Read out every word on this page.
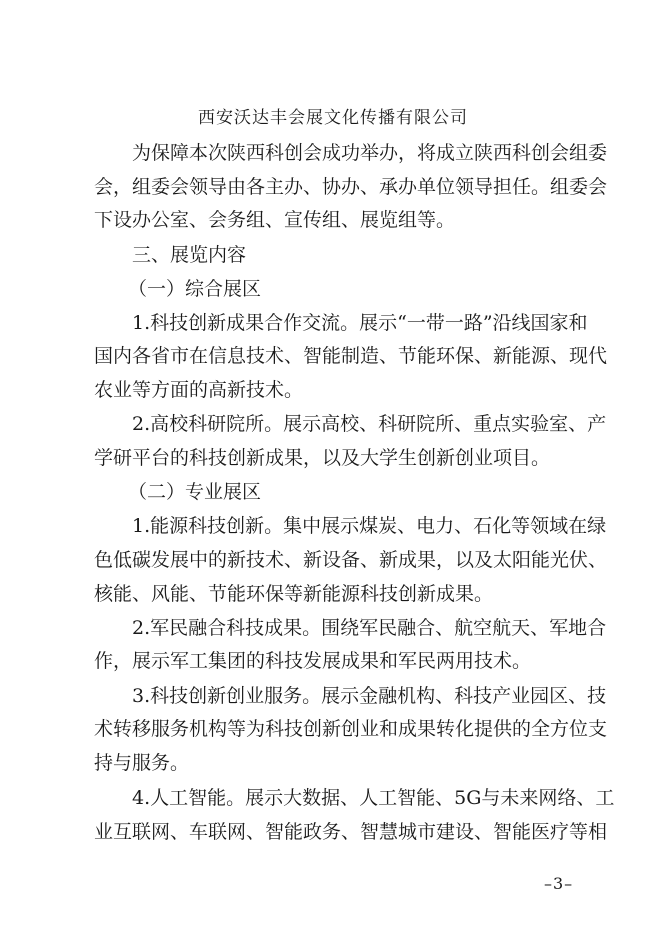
西安沃达丰会展文化传播有限公司
为保障本次陕西科创会成功举办，将成立陕西科创会组委
会，组委会领导由各主办、协办、承办单位领导担任。组委会
下设办公室、会务组、宣传组、展览组等。
三、展览内容
（一）综合展区
1.科技创新成果合作交流。展示“一带一路”沿线国家和
国内各省市在信息技术、智能制造、节能环保、新能源、现代
农业等方面的高新技术。
2.高校科研院所。展示高校、科研院所、重点实验室、产
学研平台的科技创新成果，以及大学生创新创业项目。
（二）专业展区
1.能源科技创新。集中展示煤炭、电力、石化等领域在绿
色低碳发展中的新技术、新设备、新成果，以及太阳能光伏、
核能、风能、节能环保等新能源科技创新成果。
2.军民融合科技成果。围绕军民融合、航空航天、军地合
作，展示军工集团的科技发展成果和军民两用技术。
3.科技创新创业服务。展示金融机构、科技产业园区、技
术转移服务机构等为科技创新创业和成果转化提供的全方位支
持与服务。
4.人工智能。展示大数据、人工智能、5G与未来网络、工
业互联网、车联网、智能政务、智慧城市建设、智能医疗等相
–3–
